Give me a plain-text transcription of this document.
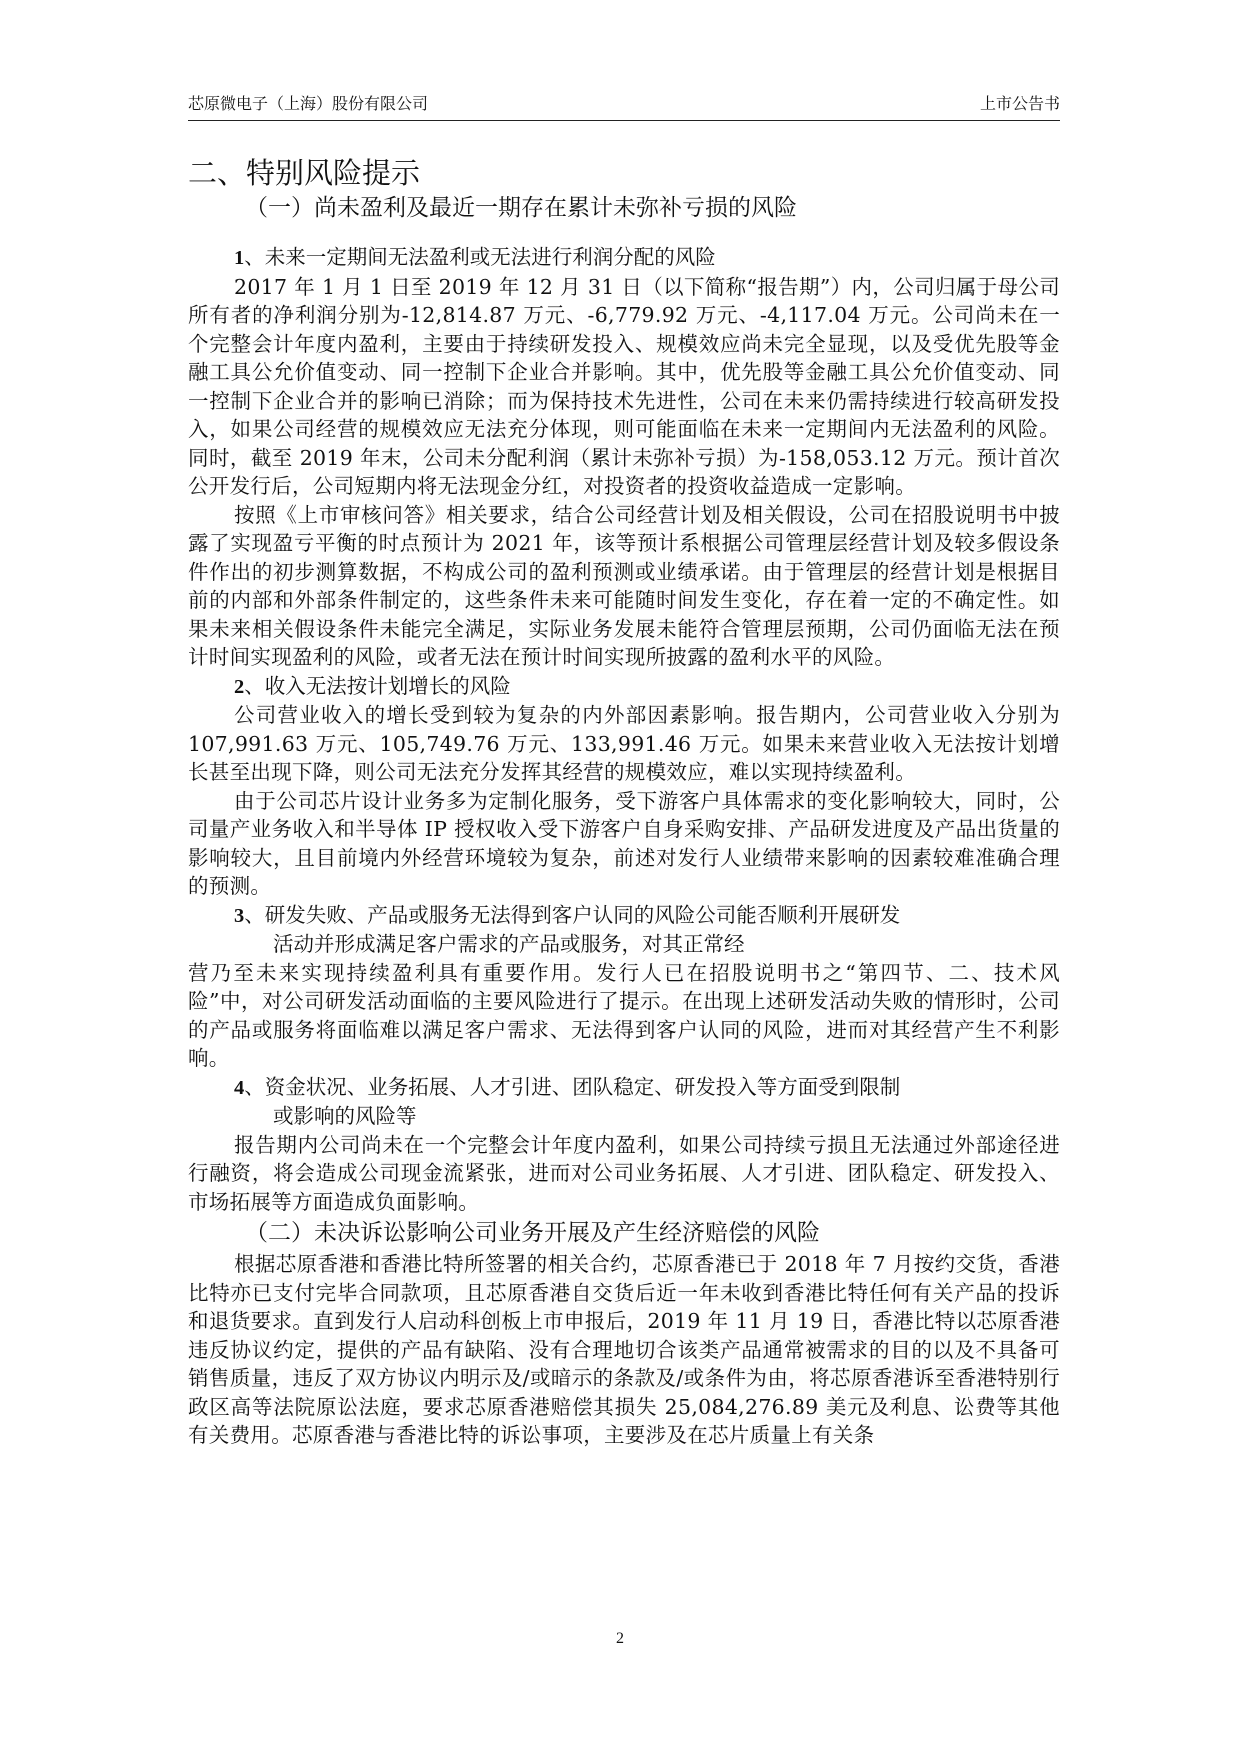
芯原微电子（上海）股份有限公司	上市公告书
二、特别风险提示
（一）尚未盈利及最近一期存在累计未弥补亏损的风险
1、未来一定期间无法盈利或无法进行利润分配的风险

2017 年 1 月 1 日至 2019 年 12 月 31 日（以下简称“报告期”）内，公司归属于母公司所有者的净利润分别为-12,814.87 万元、-6,779.92 万元、-4,117.04 万元。公司尚未在一个完整会计年度内盈利，主要由于持续研发投入、规模效应尚未完全显现，以及受优先股等金融工具公允价值变动、同一控制下企业合并影响。其中，优先股等金融工具公允价值变动、同一控制下企业合并的影响已消除；而为保持技术先进性，公司在未来仍需持续进行较高研发投入，如果公司经营的规模效应无法充分体现，则可能面临在未来一定期间内无法盈利的风险。同时，截至 2019 年末，公司未分配利润（累计未弥补亏损）为-158,053.12 万元。预计首次公开发行后，公司短期内将无法现金分红，对投资者的投资收益造成一定影响。

按照《上市审核问答》相关要求，结合公司经营计划及相关假设，公司在招股说明书中披露了实现盈亏平衡的时点预计为 2021 年，该等预计系根据公司管理层经营计划及较多假设条件作出的初步测算数据，不构成公司的盈利预测或业绩承诺。由于管理层的经营计划是根据目前的内部和外部条件制定的，这些条件未来可能随时间发生变化，存在着一定的不确定性。如果未来相关假设条件未能完全满足，实际业务发展未能符合管理层预期，公司仍面临无法在预计时间实现盈利的风险，或者无法在预计时间实现所披露的盈利水平的风险。

2、收入无法按计划增长的风险

公司营业收入的增长受到较为复杂的内外部因素影响。报告期内，公司营业收入分别为 107,991.63 万元、105,749.76 万元、133,991.46 万元。如果未来营业收入无法按计划增长甚至出现下降，则公司无法充分发挥其经营的规模效应，难以实现持续盈利。

由于公司芯片设计业务多为定制化服务，受下游客户具体需求的变化影响较大，同时，公司量产业务收入和半导体 IP 授权收入受下游客户自身采购安排、产品研发进度及产品出货量的影响较大，且目前境内外经营环境较为复杂，前述对发行人业绩带来影响的因素较难准确合理的预测。

3、研发失败、产品或服务无法得到客户认同的风险公司能否顺利开展研发
活动并形成满足客户需求的产品或服务，对其正常经

营乃至未来实现持续盈利具有重要作用。发行人已在招股说明书之“第四节、二、技术风险”中，对公司研发活动面临的主要风险进行了提示。在出现上述研发活动失败的情形时，公司的产品或服务将面临难以满足客户需求、无法得到客户认同的风险，进而对其经营产生不利影响。

4、资金状况、业务拓展、人才引进、团队稳定、研发投入等方面受到限制
或影响的风险等

报告期内公司尚未在一个完整会计年度内盈利，如果公司持续亏损且无法通过外部途径进行融资，将会造成公司现金流紧张，进而对公司业务拓展、人才引进、团队稳定、研发投入、市场拓展等方面造成负面影响。

（二）未决诉讼影响公司业务开展及产生经济赔偿的风险

根据芯原香港和香港比特所签署的相关合约，芯原香港已于 2018 年 7 月按约交货，香港比特亦已支付完毕合同款项，且芯原香港自交货后近一年未收到香港比特任何有关产品的投诉和退货要求。直到发行人启动科创板上市申报后，2019 年 11 月 19 日，香港比特以芯原香港违反协议约定，提供的产品有缺陷、没有合理地切合该类产品通常被需求的目的以及不具备可销售质量，违反了双方协议内明示及/或暗示的条款及/或条件为由，将芯原香港诉至香港特别行政区高等法院原讼法庭，要求芯原香港赔偿其损失 25,084,276.89 美元及利息、讼费等其他有关费用。芯原香港与香港比特的诉讼事项，主要涉及在芯片质量上有关条

2
